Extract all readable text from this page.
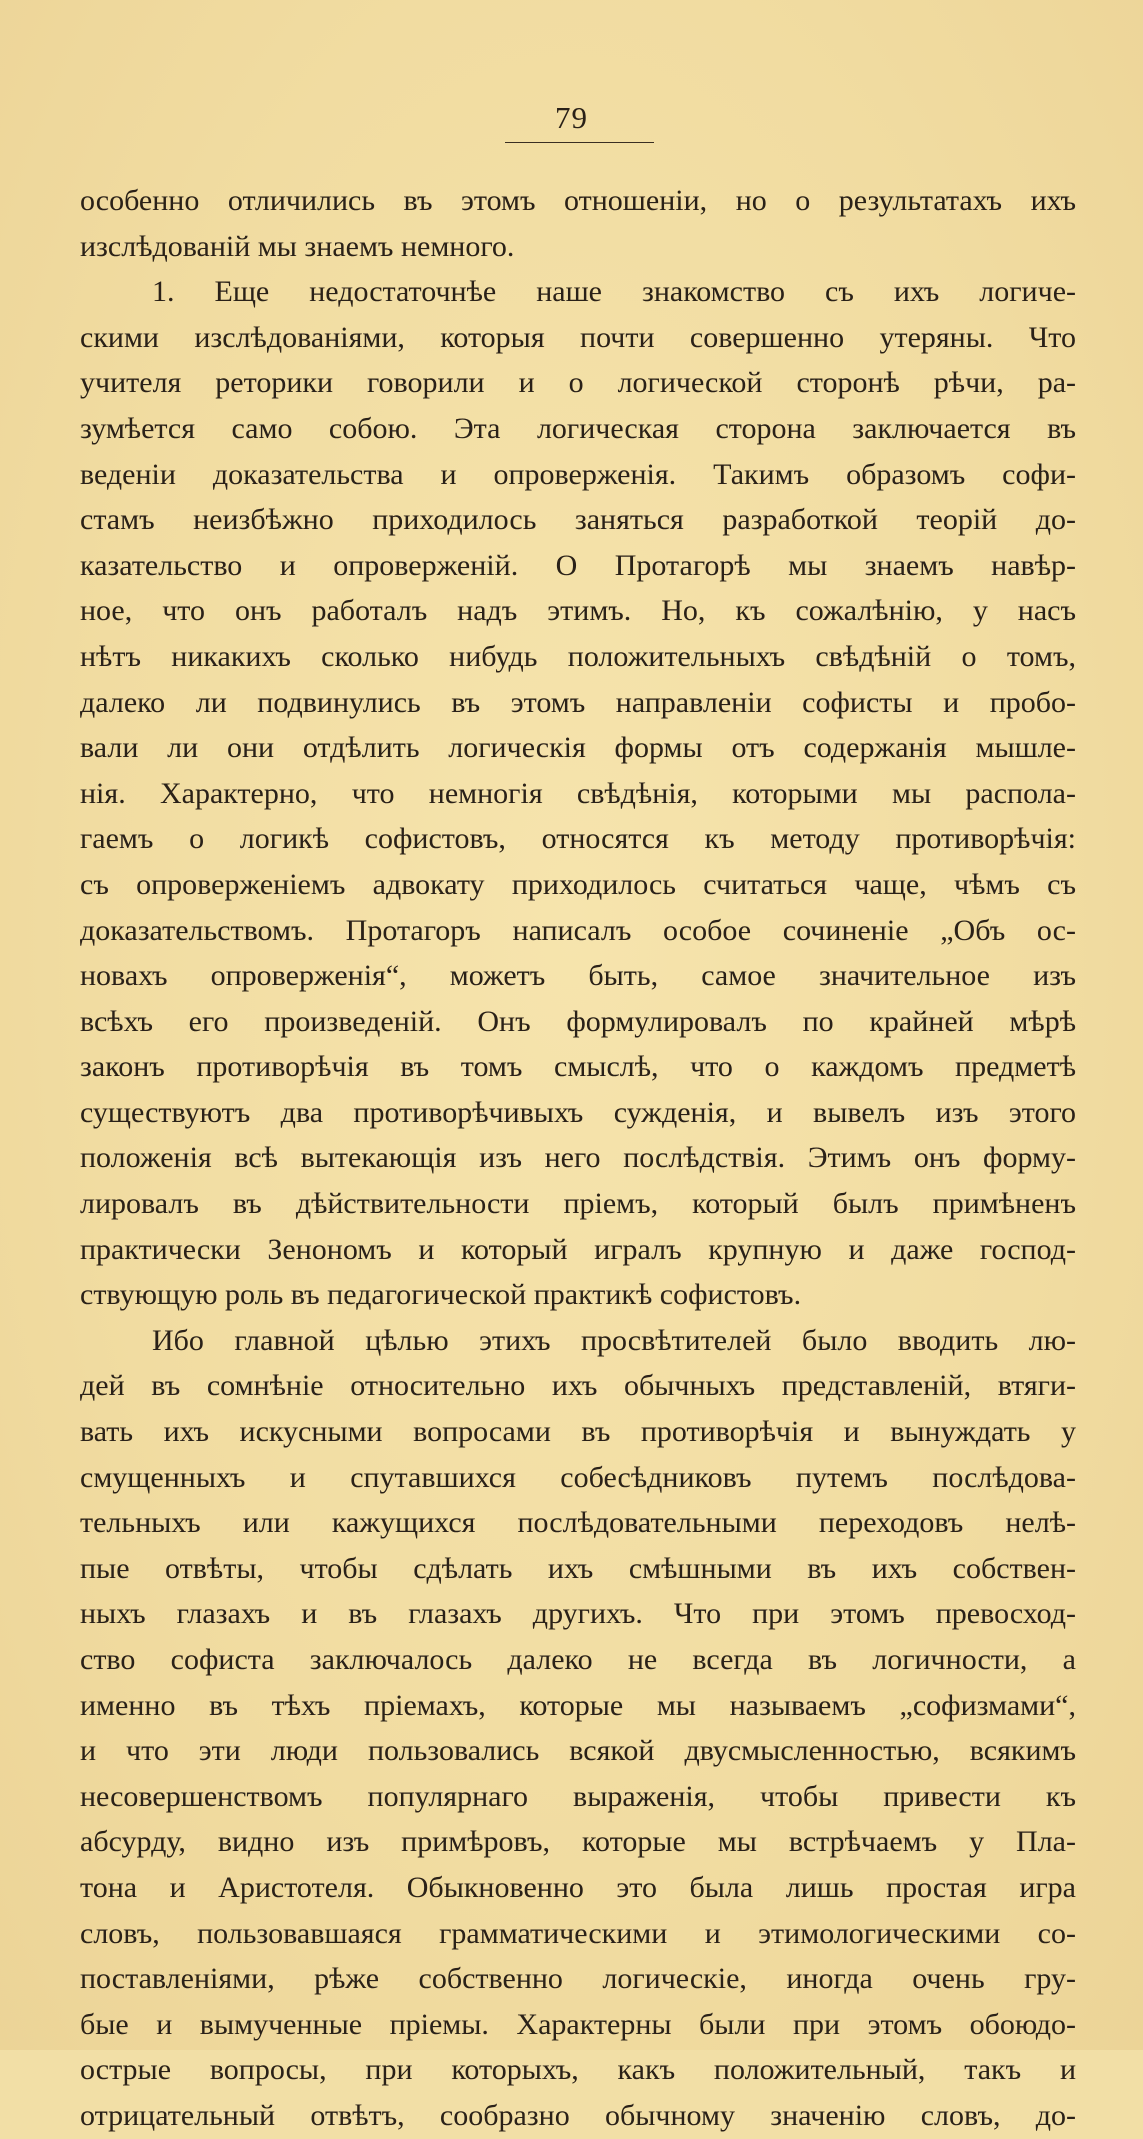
79
особенно отличились въ этомъ отношенiи, но о результатахъ ихъ
изслѣдованiй мы знаемъ немного.
1. Еще недостаточнѣе наше знакомство съ ихъ логиче-
скими изслѣдованiями, которыя почти совершенно утеряны. Что
учителя реторики говорили и о логической сторонѣ рѣчи, ра-
зумѣется само собою. Эта логическая сторона заключается въ
веденiи доказательства и опроверженiя. Такимъ образомъ софи-
стамъ неизбѣжно приходилось заняться разработкой теорiй до-
казательство и опроверженiй. О Протагорѣ мы знаемъ навѣр-
ное, что онъ работалъ надъ этимъ. Но, къ сожалѣнiю, у насъ
нѣтъ никакихъ сколько нибудь положительныхъ свѣдѣнiй о томъ,
далеко ли подвинулись въ этомъ направленiи софисты и пробо-
вали ли они отдѣлить логическiя формы отъ содержанiя мышле-
нiя. Характерно, что немногiя свѣдѣнiя, которыми мы распола-
гаемъ о логикѣ софистовъ, относятся къ методу противорѣчiя:
съ опроверженiемъ адвокату приходилось считаться чаще, чѣмъ съ
доказательствомъ. Протагоръ написалъ особое сочиненiе „Объ ос-
новахъ опроверженiя“, можетъ быть, самое значительное изъ
всѣхъ его произведенiй. Онъ формулировалъ по крайней мѣрѣ
законъ противорѣчiя въ томъ смыслѣ, что о каждомъ предметѣ
существуютъ два противорѣчивыхъ сужденiя, и вывелъ изъ этого
положенiя всѣ вытекающiя изъ него послѣдствiя. Этимъ онъ форму-
лировалъ въ дѣйствительности прiемъ, который былъ примѣненъ
практически Зенономъ и который игралъ крупную и даже господ-
ствующую роль въ педагогической практикѣ софистовъ.
Ибо главной цѣлью этихъ просвѣтителей было вводить лю-
дей въ сомнѣнiе относительно ихъ обычныхъ представленiй, втяги-
вать ихъ искусными вопросами въ противорѣчiя и вынуждать у
смущенныхъ и спутавшихся собесѣдниковъ путемъ послѣдова-
тельныхъ или кажущихся послѣдовательными переходовъ нелѣ-
пые отвѣты, чтобы сдѣлать ихъ смѣшными въ ихъ собствен-
ныхъ глазахъ и въ глазахъ другихъ. Что при этомъ превосход-
ство софиста заключалось далеко не всегда въ логичности, а
именно въ тѣхъ прiемахъ, которые мы называемъ „софизмами“,
и что эти люди пользовались всякой двусмысленностью, всякимъ
несовершенствомъ популярнаго выраженiя, чтобы привести къ
абсурду, видно изъ примѣровъ, которые мы встрѣчаемъ у Пла-
тона и Аристотеля. Обыкновенно это была лишь простая игра
словъ, пользовавшаяся грамматическими и этимологическими со-
поставленiями, рѣже собственно логическiе, иногда очень гру-
бые и вымученные прiемы. Характерны были при этомъ обоюдо-
острые вопросы, при которыхъ, какъ положительный, такъ и
отрицательный отвѣтъ, сообразно обычному значенiю словъ, до-
